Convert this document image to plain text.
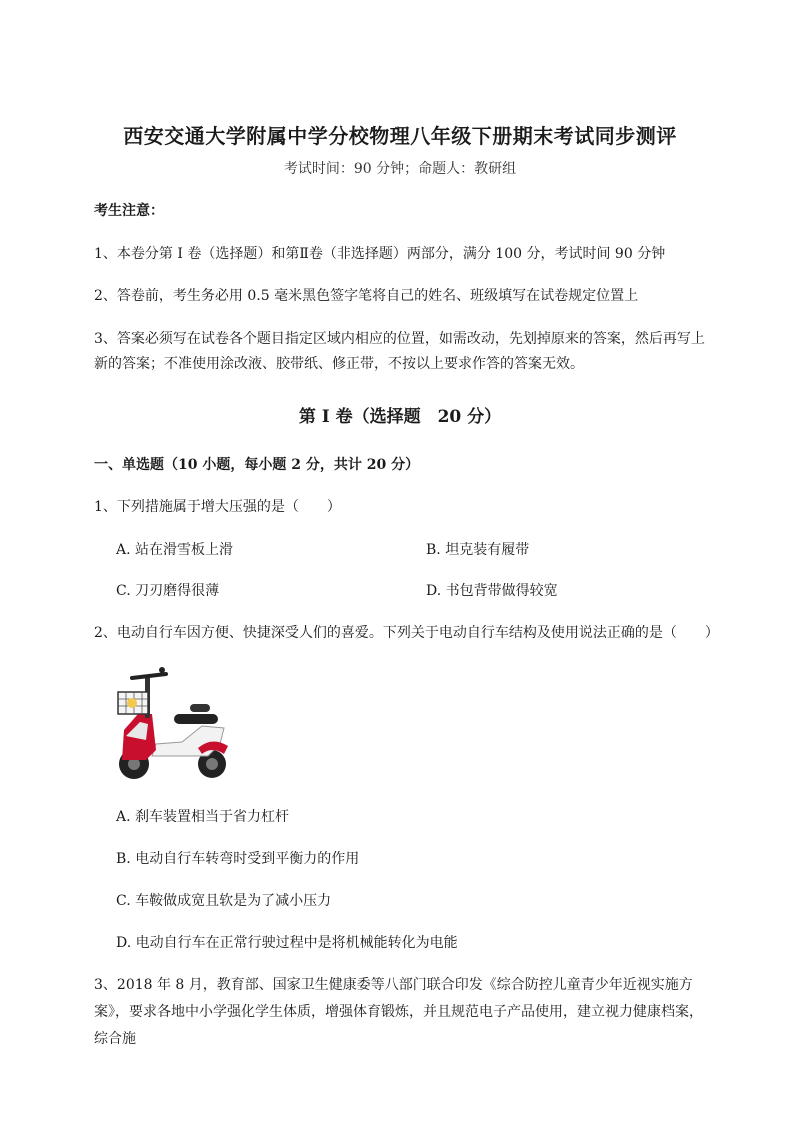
西安交通大学附属中学分校物理八年级下册期末考试同步测评
考试时间：90 分钟；命题人：教研组
考生注意：
1、本卷分第 I 卷（选择题）和第Ⅱ卷（非选择题）两部分，满分 100 分，考试时间 90 分钟
2、答卷前，考生务必用 0.5 毫米黑色签字笔将自己的姓名、班级填写在试卷规定位置上
3、答案必须写在试卷各个题目指定区域内相应的位置，如需改动，先划掉原来的答案，然后再写上新的答案；不准使用涂改液、胶带纸、修正带，不按以上要求作答的答案无效。
第 I 卷（选择题　20 分）
一、单选题（10 小题，每小题 2 分，共计 20 分）
1、下列措施属于增大压强的是（　　）
A. 站在滑雪板上滑	B. 坦克装有履带
C. 刀刃磨得很薄	D. 书包背带做得较宽
2、电动自行车因方便、快捷深受人们的喜爱。下列关于电动自行车结构及使用说法正确的是（　　）
A. 刹车装置相当于省力杠杆
B. 电动自行车转弯时受到平衡力的作用
C. 车鞍做成宽且软是为了减小压力
D. 电动自行车在正常行驶过程中是将机械能转化为电能
3、2018 年 8 月，教育部、国家卫生健康委等八部门联合印发《综合防控儿童青少年近视实施方案》，要求各地中小学强化学生体质，增强体育锻炼，并且规范电子产品使用，建立视力健康档案，综合施
